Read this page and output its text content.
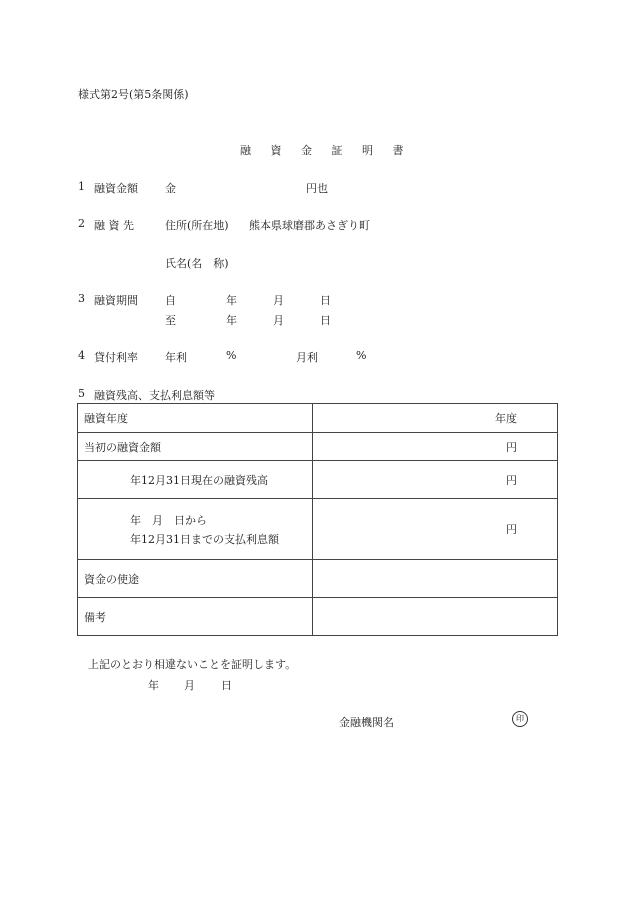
様式第2号(第5条関係)
融 資 金 証 明 書
1 融資金額 金	円也
2 融 資 先	住所(所在地) 熊本県球磨郡あさぎり町
氏名(名　称)
3 融資期間 自	年	月	日
至	年	月	日
4 貸付利率 年利	%	月利	%
5 融資残高、支払利息額等
融資年度	年度
当初の融資金額	円
年12月31日現在の融資残高	円

年　月　日から
年12月31日までの支払利息額	円
資金の使途	
備考	
上記のとおり相違ないことを証明します。
年 月 日
金融機関名	印
